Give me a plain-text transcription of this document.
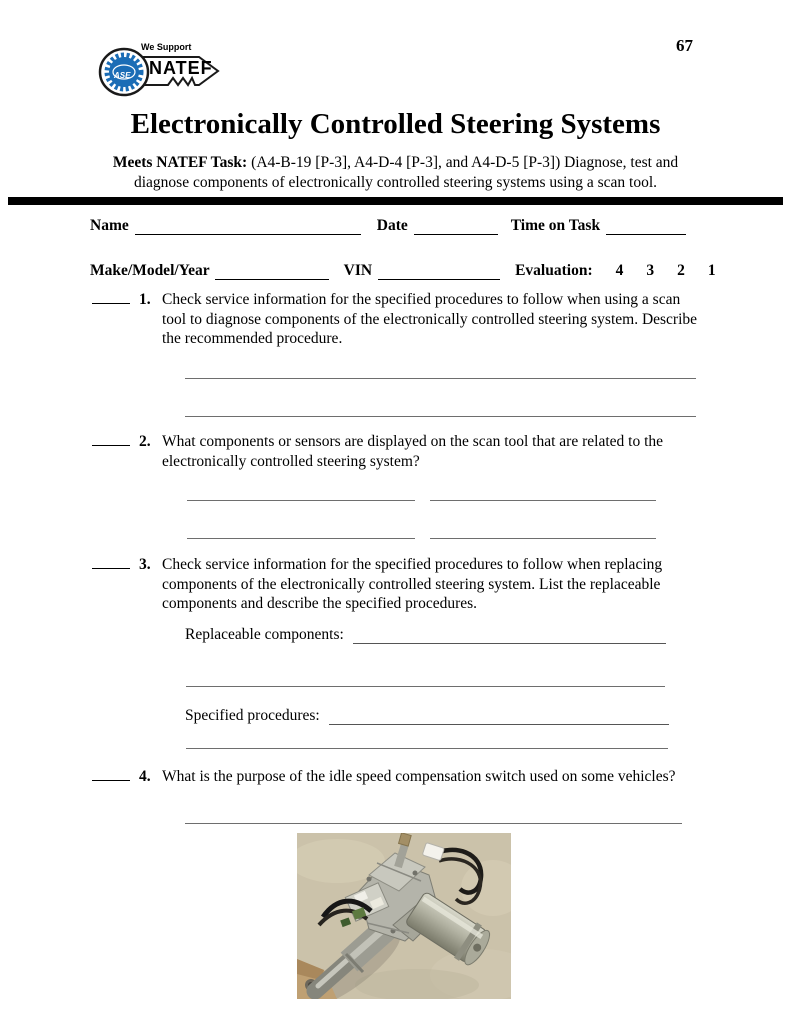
We Support
NATEF
ASE
67
Electronically Controlled Steering Systems
Meets NATEF Task: (A4-B-19 [P-3], A4-D-4 [P-3], and A4-D-5 [P-3]) Diagnose, test and
diagnose components of electronically controlled steering systems using a scan tool.
Name	Date	Time on Task
Make/Model/Year	VIN	Evaluation: 4 3 2 1
1. Check service information for the specified procedures to follow when using a scan tool to diagnose components of the electronically controlled steering system. Describe the recommended procedure.
2. What components or sensors are displayed on the scan tool that are related to the electronically controlled steering system?
3. Check service information for the specified procedures to follow when replacing components of the electronically controlled steering system. List the replaceable components and describe the specified procedures.
Replaceable components:
Specified procedures:
4. What is the purpose of the idle speed compensation switch used on some vehicles?
